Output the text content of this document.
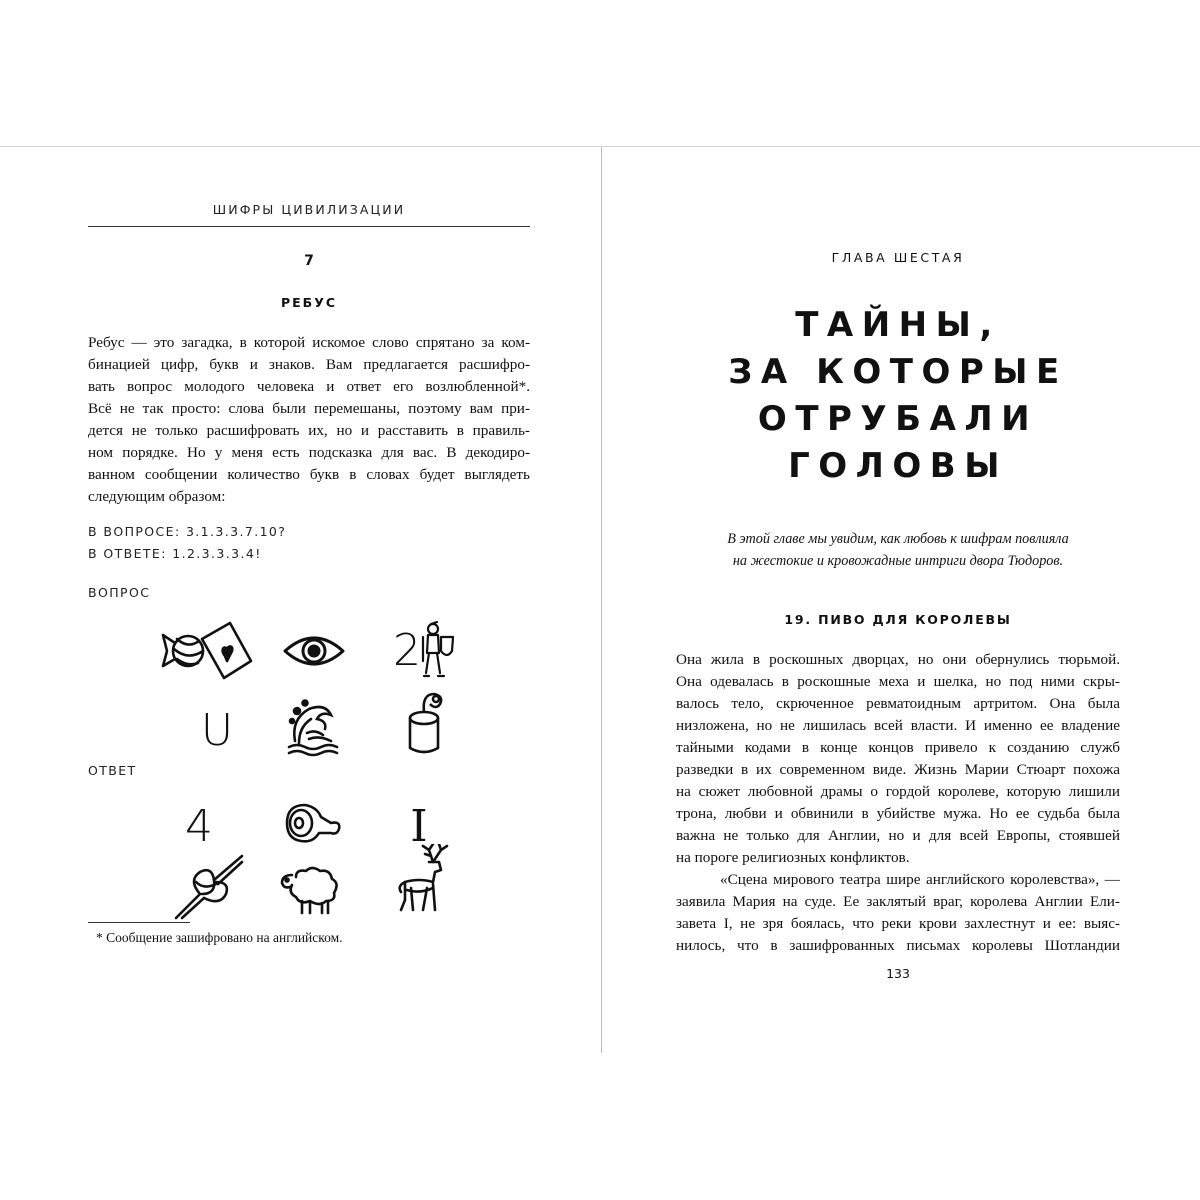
ШИФРЫ ЦИВИЛИЗАЦИИ
7
РЕБУС
Ребус — это загадка, в которой искомое слово спрятано за ком-
бинацией цифр, букв и знаков. Вам предлагается расшифро-
вать вопрос молодого человека и ответ его возлюбленной*.
Всё не так просто: слова были перемешаны, поэтому вам при-
дется не только расшифровать их, но и расставить в правиль-
ном порядке. Но у меня есть подсказка для вас. В декодиро-
ванном сообщении количество букв в словах будет выглядеть
следующим образом:
В ВОПРОСЕ: 3.1.3.3.7.10?
В ОТВЕТЕ: 1.2.3.3.3.4!
ВОПРОС
2
U
ОТВЕТ
4	I
* Сообщение зашифровано на английском.
ГЛАВА ШЕСТАЯ
ТАЙНЫ,
ЗА КОТОРЫЕ
ОТРУБАЛИ
ГОЛОВЫ
В этой главе мы увидим, как любовь к шифрам повлияла
на жестокие и кровожадные интриги двора Тюдоров.
19. ПИВО ДЛЯ КОРОЛЕВЫ
Она жила в роскошных дворцах, но они обернулись тюрьмой.
Она одевалась в роскошные меха и шелка, но под ними скры-
валось тело, скрюченное ревматоидным артритом. Она была
низложена, но не лишилась всей власти. И именно ее владение
тайными кодами в конце концов привело к созданию служб
разведки в их современном виде. Жизнь Марии Стюарт похожа
на сюжет любовной драмы о гордой королеве, которую лишили
трона, любви и обвинили в убийстве мужа. Но ее судьба была
важна не только для Англии, но и для всей Европы, стоявшей
на пороге религиозных конфликтов.
«Сцена мирового театра шире английского королевства», —
заявила Мария на суде. Ее заклятый враг, королева Англии Ели-
завета I, не зря боялась, что реки крови захлестнут и ее: выяс-
нилось, что в зашифрованных письмах королевы Шотландии
133
